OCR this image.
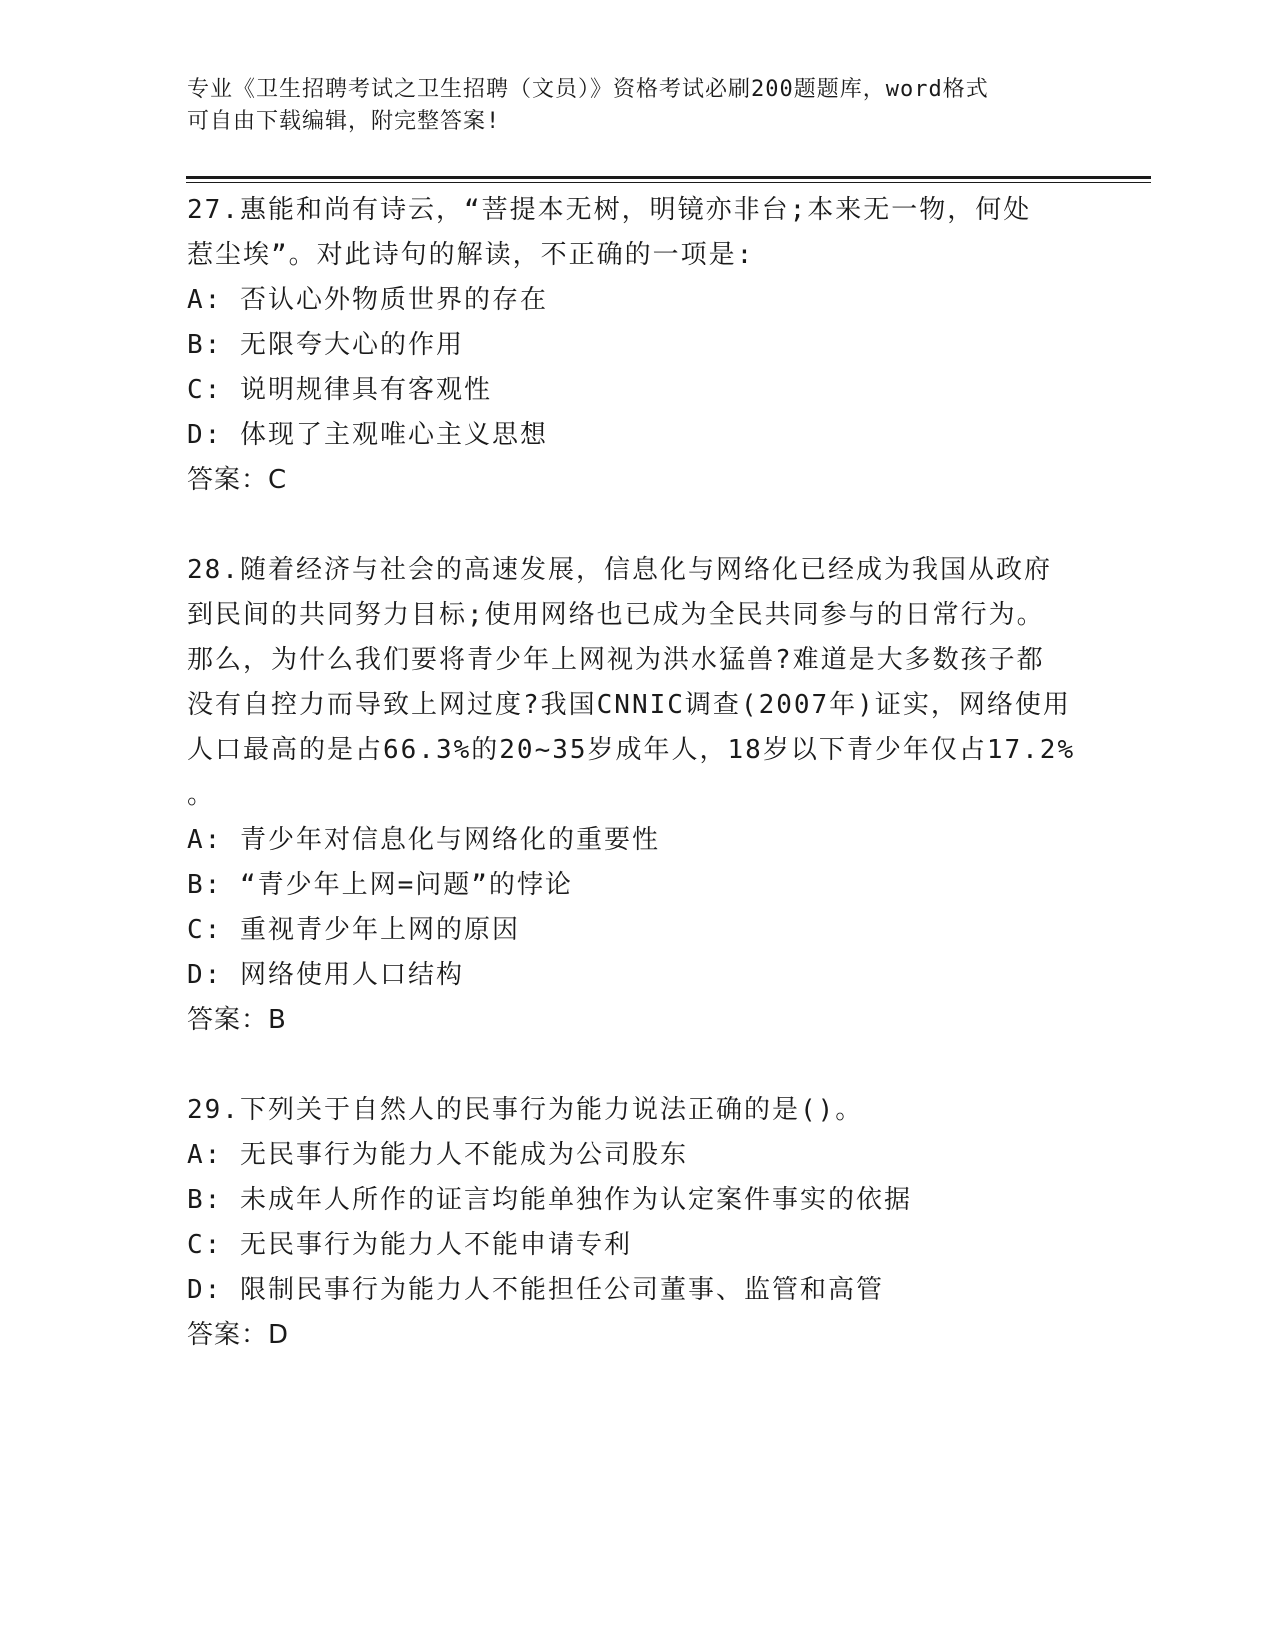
专业《卫生招聘考试之卫生招聘（文员）》资格考试必刷200题题库，word格式
可自由下载编辑，附完整答案!
27.惠能和尚有诗云，“菩提本无树，明镜亦非台;本来无一物，何处
惹尘埃”。对此诗句的解读，不正确的一项是:
A: 否认心外物质世界的存在
B: 无限夸大心的作用
C: 说明规律具有客观性
D: 体现了主观唯心主义思想
答案：C
28.随着经济与社会的高速发展，信息化与网络化已经成为我国从政府
到民间的共同努力目标;使用网络也已成为全民共同参与的日常行为。
那么，为什么我们要将青少年上网视为洪水猛兽?难道是大多数孩子都
没有自控力而导致上网过度?我国CNNIC调查(2007年)证实，网络使用
人口最高的是占66.3%的20~35岁成年人，18岁以下青少年仅占17.2%
。
A: 青少年对信息化与网络化的重要性
B: “青少年上网=问题”的悖论
C: 重视青少年上网的原因
D: 网络使用人口结构
答案：B
29.下列关于自然人的民事行为能力说法正确的是()。
A: 无民事行为能力人不能成为公司股东
B: 未成年人所作的证言均能单独作为认定案件事实的依据
C: 无民事行为能力人不能申请专利
D: 限制民事行为能力人不能担任公司董事、监管和高管
答案：D
